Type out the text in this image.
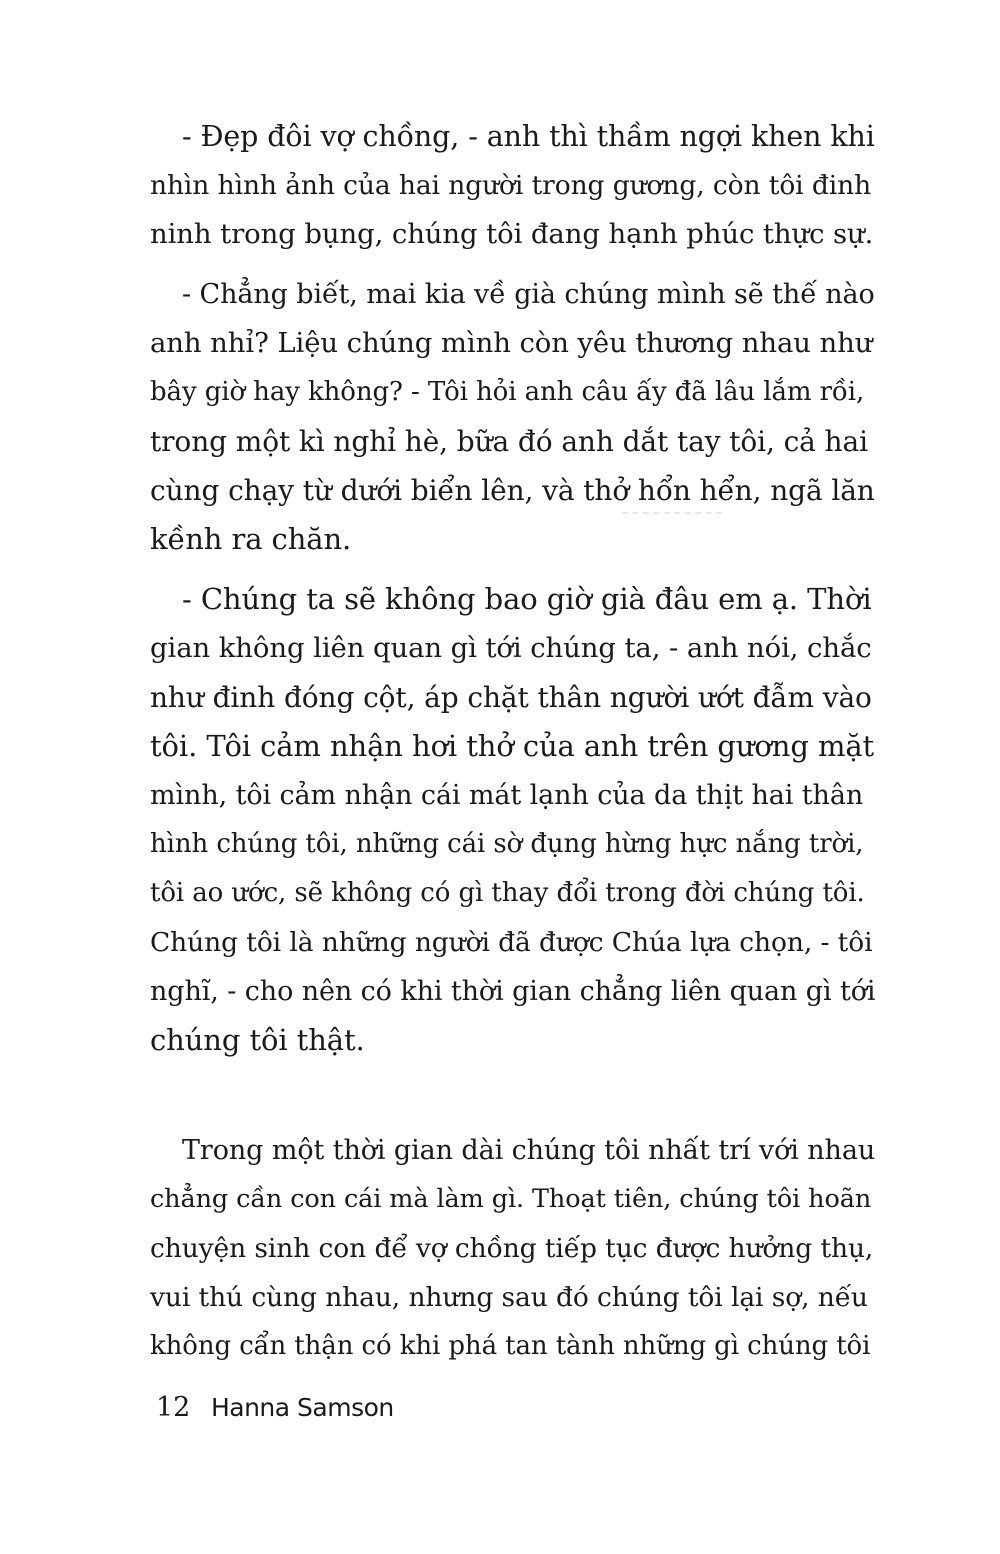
- Đẹp đôi vợ chồng, - anh thì thầm ngợi khen khi

nhìn hình ảnh của hai người trong gương, còn tôi đinh

ninh trong bụng, chúng tôi đang hạnh phúc thực sự.

- Chẳng biết, mai kia về già chúng mình sẽ thế nào

anh nhỉ? Liệu chúng mình còn yêu thương nhau như

bây giờ hay không? - Tôi hỏi anh câu ấy đã lâu lắm rồi,

trong một kì nghỉ hè, bữa đó anh dắt tay tôi, cả hai

cùng chạy từ dưới biển lên, và thở hổn hển, ngã lăn

kềnh ra chăn.

- Chúng ta sẽ không bao giờ già đâu em ạ. Thời

gian không liên quan gì tới chúng ta, - anh nói, chắc

như đinh đóng cột, áp chặt thân người ướt đẫm vào

tôi. Tôi cảm nhận hơi thở của anh trên gương mặt

mình, tôi cảm nhận cái mát lạnh của da thịt hai thân

hình chúng tôi, những cái sờ đụng hừng hực nắng trời,

tôi ao ước, sẽ không có gì thay đổi trong đời chúng tôi.

Chúng tôi là những người đã được Chúa lựa chọn, - tôi

nghĩ, - cho nên có khi thời gian chẳng liên quan gì tới

chúng tôi thật.

Trong một thời gian dài chúng tôi nhất trí với nhau

chẳng cần con cái mà làm gì. Thoạt tiên, chúng tôi hoãn

chuyện sinh con để vợ chồng tiếp tục được hưởng thụ,

vui thú cùng nhau, nhưng sau đó chúng tôi lại sợ, nếu

không cẩn thận có khi phá tan tành những gì chúng tôi

12 Hanna Samson
